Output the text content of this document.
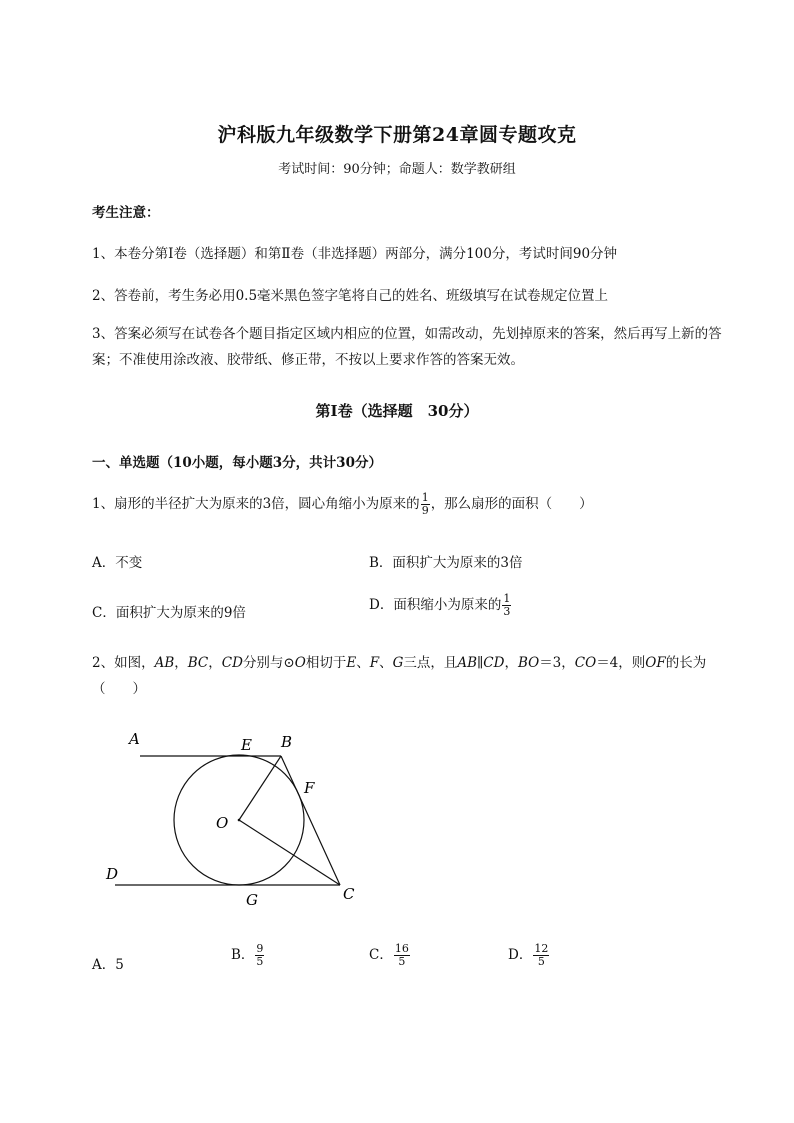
沪科版九年级数学下册第24章圆专题攻克
考试时间：90分钟；命题人：数学教研组
考生注意：
1、本卷分第I卷（选择题）和第Ⅱ卷（非选择题）两部分，满分100分，考试时间90分钟
2、答卷前，考生务必用0.5毫米黑色签字笔将自己的姓名、班级填写在试卷规定位置上
3、答案必须写在试卷各个题目指定区域内相应的位置，如需改动，先划掉原来的答案，然后再写上新的答案；不准使用涂改液、胶带纸、修正带，不按以上要求作答的答案无效。
第I卷（选择题　30分）
一、单选题（10小题，每小题3分，共计30分）
1、扇形的半径扩大为原来的3倍，圆心角缩小为原来的 $\frac{1}{9}$ ，那么扇形的面积（　　）
A．不变	B．面积扩大为原来的3倍
C．面积扩大为原来的9倍	D．面积缩小为原来的 $\frac{1}{3}$
2、如图，AB，BC，CD分别与⊙O相切于E、F、G三点，且AB∥CD，BO＝3，CO＝4，则OF的长为
（　　）
A	E B
F
O
D
C
G
A．5
B． $\frac{9}{5}$	C． $\frac{16}{5}$	D． $\frac{12}{5}$
